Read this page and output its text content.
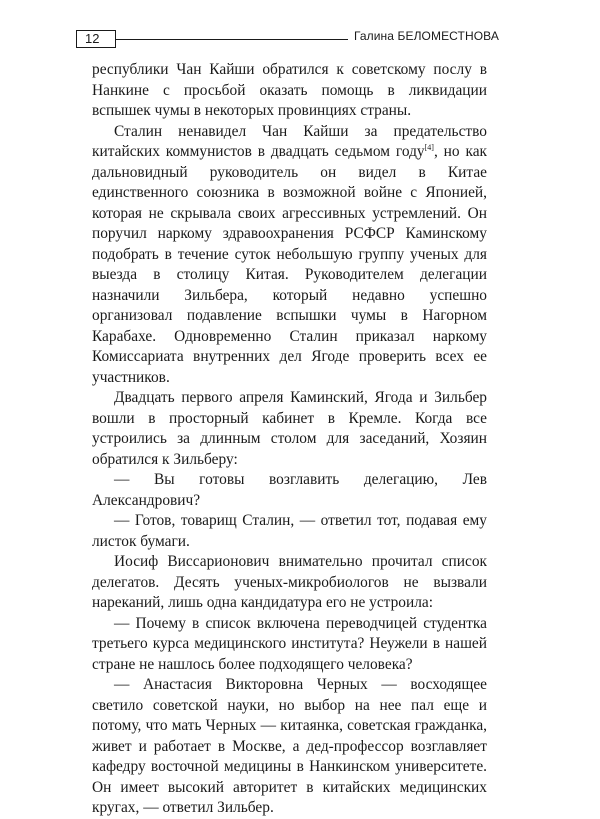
12	Галина БЕЛОМЕСТНОВА

республики Чан Кайши обратился к советскому послу в Нанкине с просьбой оказать помощь в ликвидации вспышек чумы в некоторых провинциях страны.

Сталин ненавидел Чан Кайши за предательство китайских коммунистов в двадцать седьмом году[4], но как дальновидный руководитель он видел в Китае единственного союзника в возможной войне с Японией, которая не скрывала своих агрессивных устремлений. Он поручил наркому здравоохранения РСФСР Каминскому подобрать в течение суток небольшую группу ученых для выезда в столицу Китая. Руководителем делегации назначили Зильбера, который недавно успешно организовал подавление вспышки чумы в Нагорном Карабахе. Одновременно Сталин приказал наркому Комиссариата внутренних дел Ягоде проверить всех ее участников.

Двадцать первого апреля Каминский, Ягода и Зильбер вошли в просторный кабинет в Кремле. Когда все устроились за длинным столом для заседаний, Хозяин обратился к Зильберу:

— Вы готовы возглавить делегацию, Лев Александрович?

— Готов, товарищ Сталин, — ответил тот, подавая ему листок бумаги.

Иосиф Виссарионович внимательно прочитал список делегатов. Десять ученых-микробиологов не вызвали нареканий, лишь одна кандидатура его не устроила:

— Почему в список включена переводчицей студентка третьего курса медицинского института? Неужели в нашей стране не нашлось более подходящего человека?

— Анастасия Викторовна Черных — восходящее светило советской науки, но выбор на нее пал еще и потому, что мать Черных — китаянка, советская гражданка, живет и работает в Москве, а дед-профессор возглавляет кафедру восточной медицины в Нанкинском университете. Он имеет высокий авторитет в китайских медицинских кругах, — ответил Зильбер.
